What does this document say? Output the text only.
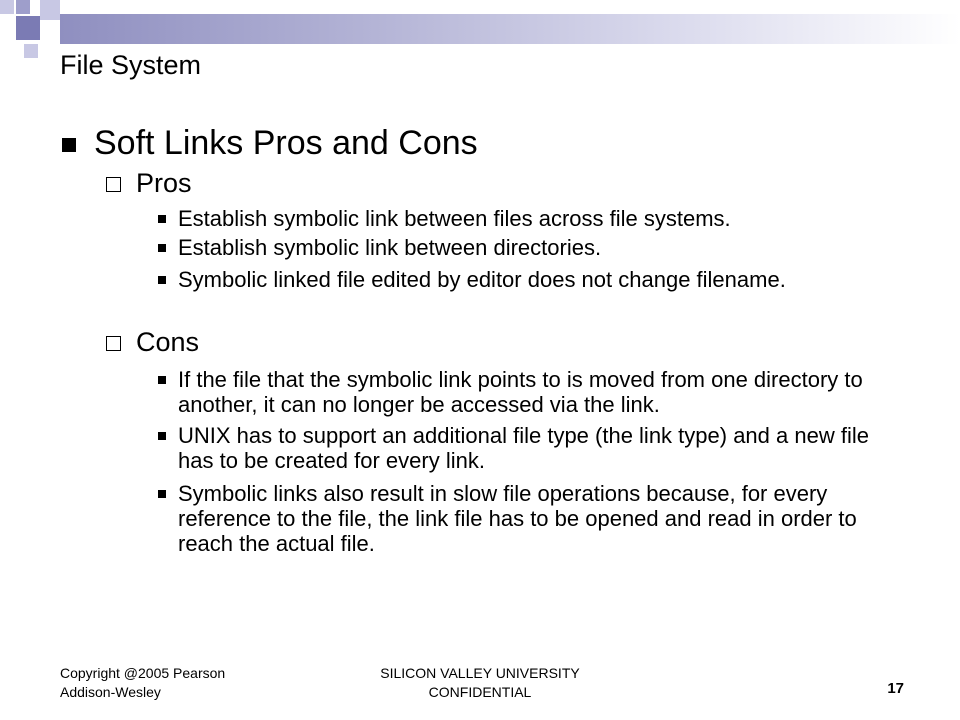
File System
Soft Links Pros and Cons
Pros
Establish symbolic link between files across file systems.
Establish symbolic link between directories.
Symbolic linked file edited by editor does not change filename.
Cons
If the file that the symbolic link points to is moved from one directory to another, it can no longer be accessed via the link.
UNIX has to support an additional file type (the link type) and a new file has to be created for every link.
Symbolic links also result in slow file operations because, for every reference to the file, the link file has to be opened and read in order to reach the actual file.
Copyright @2005 Pearson
Addison-Wesley
SILICON VALLEY UNIVERSITY
CONFIDENTIAL	17
